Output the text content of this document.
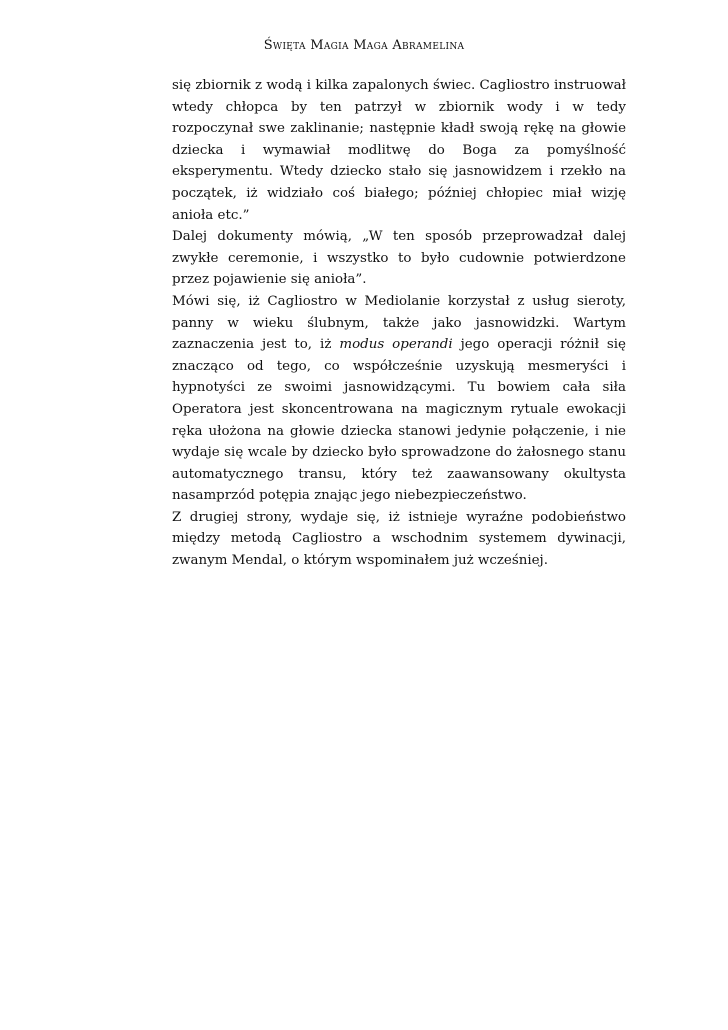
Święta Magia Maga Abramelina

się zbiornik z wodą i kilka zapalonych świec. Cagliostro instruował wtedy chłopca by ten patrzył w zbiornik wody i w tedy rozpoczynał swe zaklinanie; następnie kładł swoją rękę na głowie dziecka i wymawiał modlitwę do Boga za pomyślność eksperymentu. Wtedy dziecko stało się jasnowidzem i rzekło na początek, iż widziało coś białego; później chłopiec miał wizję anioła etc.”

Dalej dokumenty mówią, „W ten sposób przeprowadzał dalej zwykłe ceremonie, i wszystko to było cudownie potwierdzone przez pojawienie się anioła”.

Mówi się, iż Cagliostro w Mediolanie korzystał z usług sieroty, panny w wieku ślubnym, także jako jasnowidzki. Wartym zaznaczenia jest to, iż modus operandi jego operacji różnił się znacząco od tego, co współcześnie uzyskują mesmeryści i hypnotyści ze swoimi jasnowidzącymi. Tu bowiem cała siła Operatora jest skoncentrowana na magicznym rytuale ewokacji ręka ułożona na głowie dziecka stanowi jedynie połączenie, i nie wydaje się wcale by dziecko było sprowadzone do żałosnego stanu automatycznego transu, który też zaawansowany okultysta nasamprzód potępia znając jego niebezpieczeństwo.

Z drugiej strony, wydaje się, iż istnieje wyraźne podobieństwo między metodą Cagliostro a wschodnim systemem dywinacji, zwanym Mendal, o którym wspominałem już wcześniej.
